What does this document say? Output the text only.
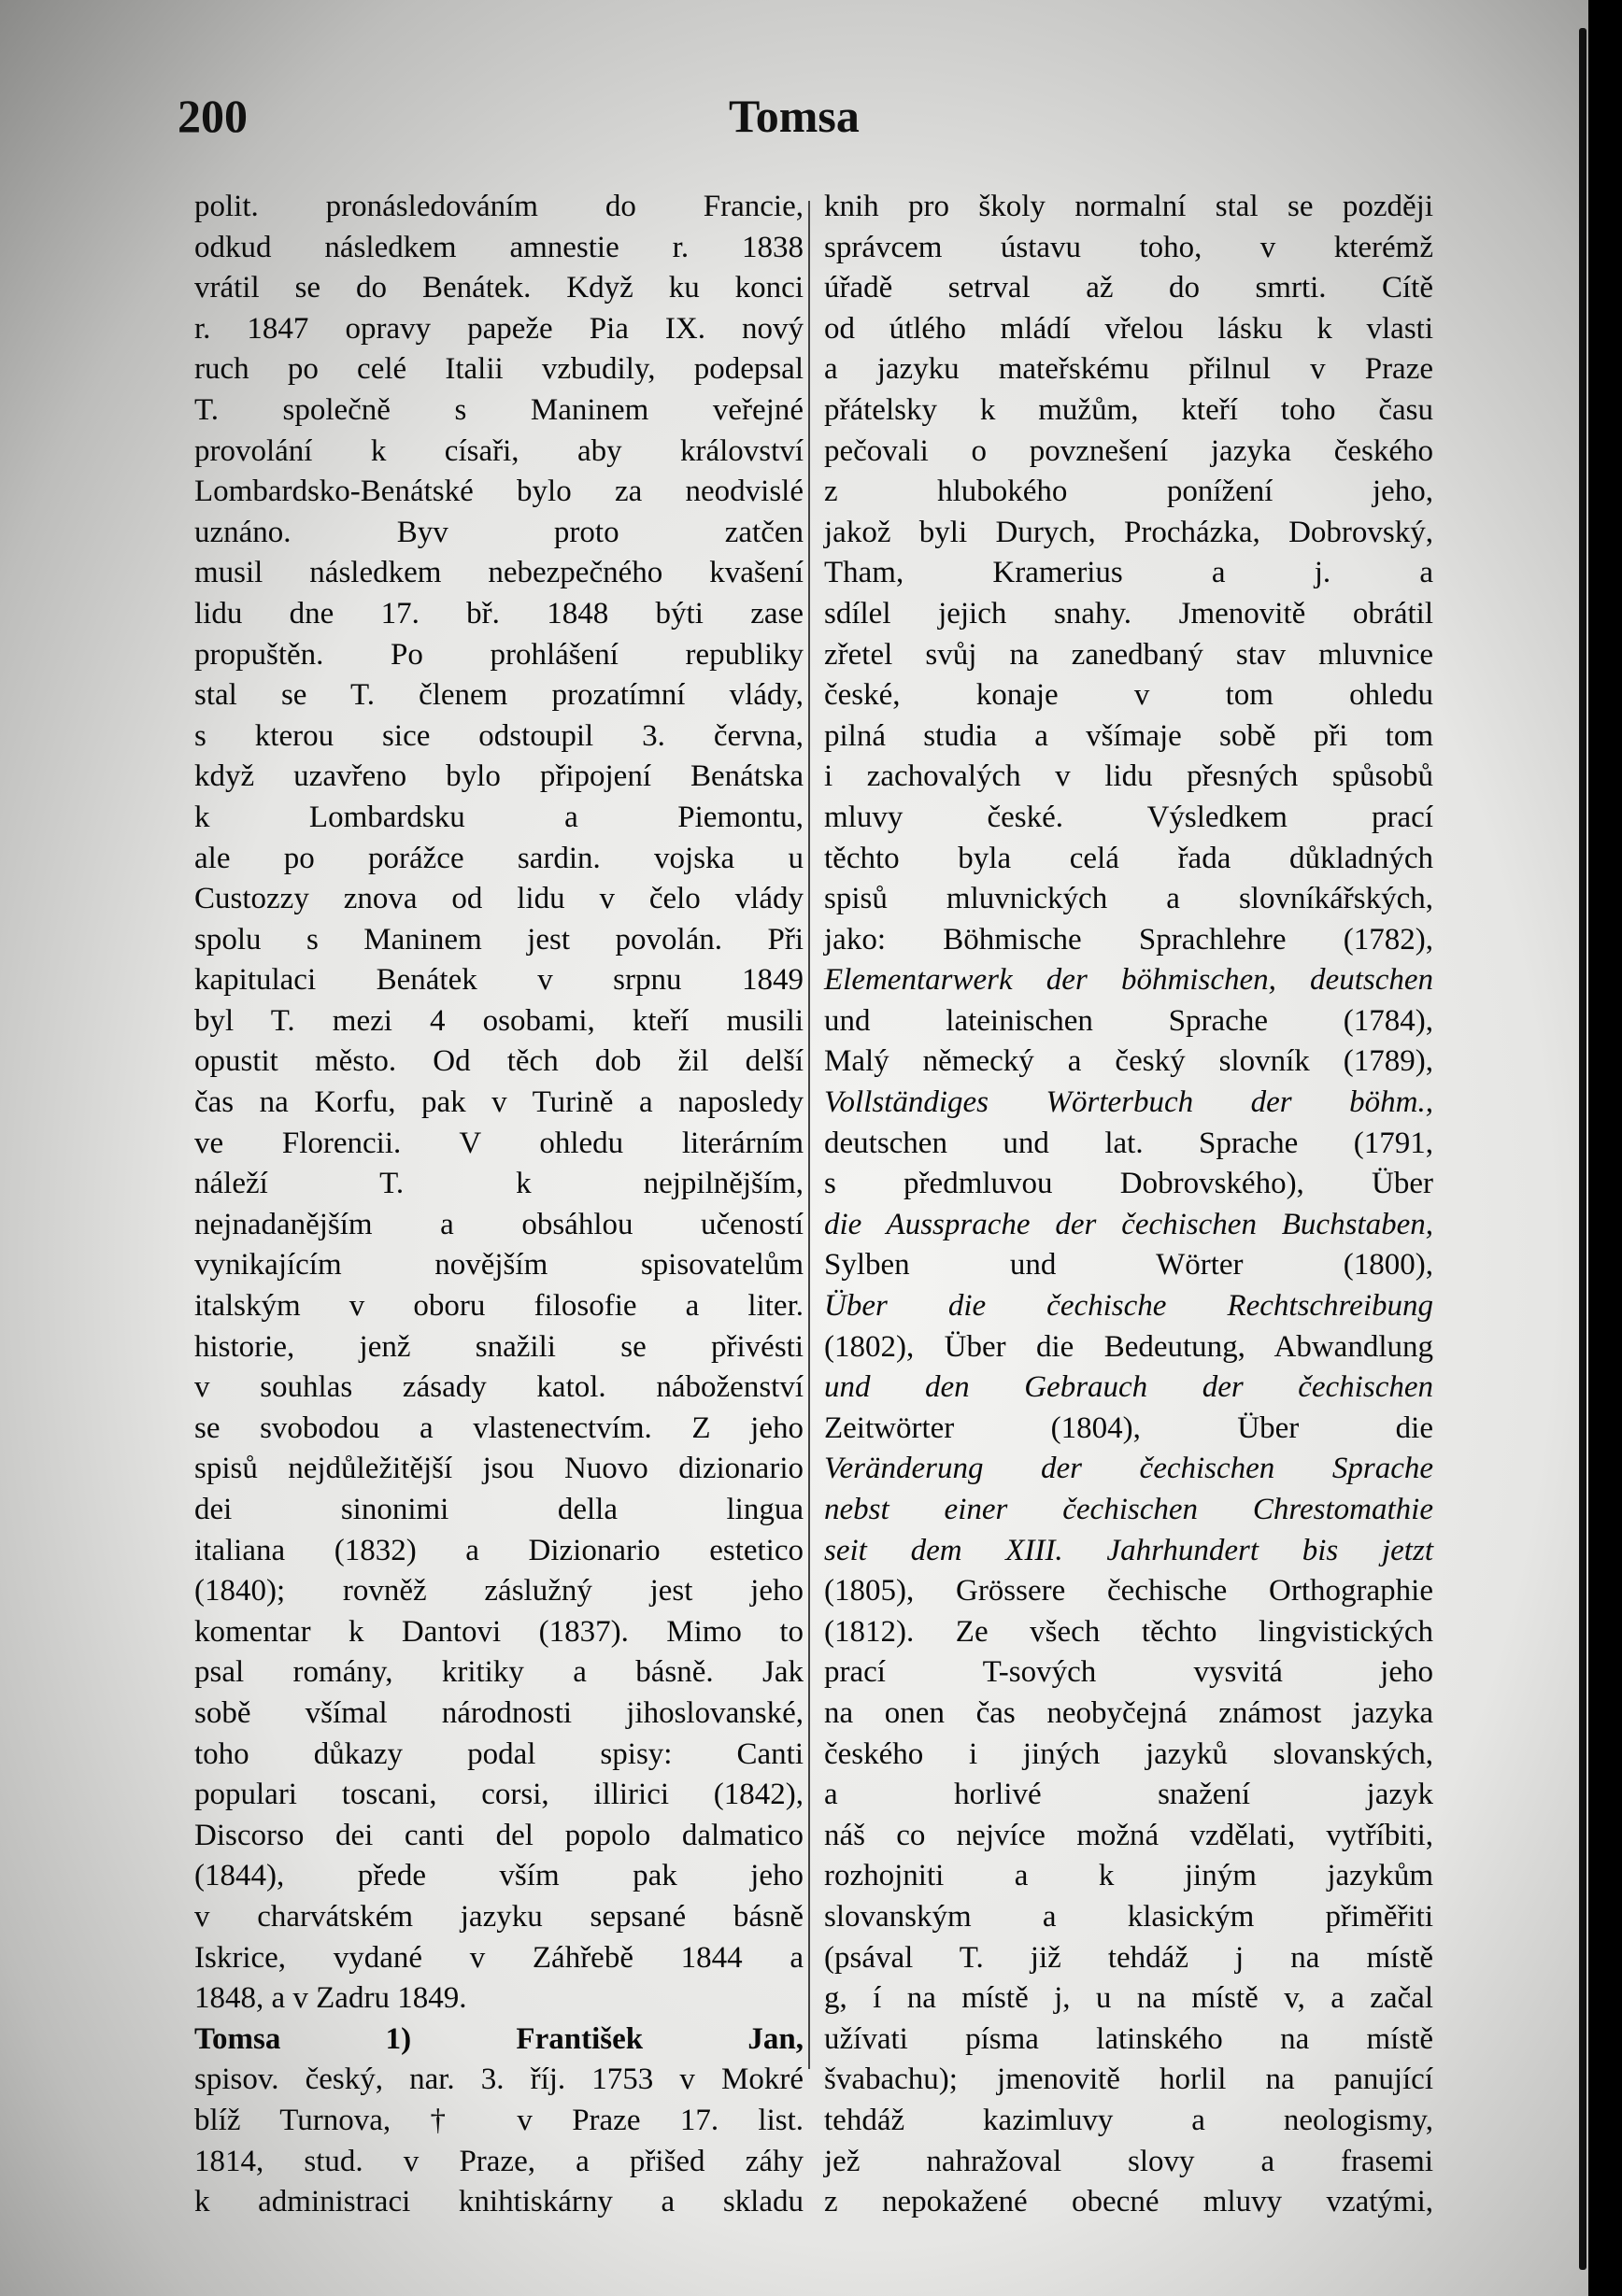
200	Tomsa
polit. pronásledováním do Francie,
odkud následkem amnestie r. 1838
vrátil se do Benátek. Když ku konci
r. 1847 opravy papeže Pia IX. nový
ruch po celé Italii vzbudily, podepsal
T. společně s Maninem veřejné
provolání k císaři, aby království
Lombardsko-Benátské bylo za neodvislé
uznáno. Byv proto zatčen
musil následkem nebezpečného kvašení
lidu dne 17. bř. 1848 býti zase
propuštěn. Po prohlášení republiky
stal se T. členem prozatímní vlády,
s kterou sice odstoupil 3. června,
když uzavřeno bylo připojení Benátska
k Lombardsku a Piemontu,
ale po porážce sardin. vojska u
Custozzy znova od lidu v čelo vlády
spolu s Maninem jest povolán. Při
kapitulaci Benátek v srpnu 1849
byl T. mezi 4 osobami, kteří musili
opustit město. Od těch dob žil delší
čas na Korfu, pak v Turině a naposledy
ve Florencii. V ohledu literárním
náleží T. k nejpilnějším,
nejnadanějším a obsáhlou učeností
vynikajícím novějším spisovatelům
italským v oboru filosofie a liter.
historie, jenž snažili se přivésti
v souhlas zásady katol. náboženství
se svobodou a vlastenectvím. Z jeho
spisů nejdůležitější jsou Nuovo dizionario
dei sinonimi della lingua
italiana (1832) a Dizionario estetico
(1840); rovněž záslužný jest jeho
komentar k Dantovi (1837). Mimo to
psal romány, kritiky a básně. Jak
sobě všímal národnosti jihoslovanské,
toho důkazy podal spisy: Canti
populari toscani, corsi, illirici (1842),
Discorso dei canti del popolo dalmatico
(1844), přede vším pak jeho
v charvátském jazyku sepsané básně
Iskrice, vydané v Záhřebě 1844 a
1848, a v Zadru 1849.
Tomsa 1) František Jan,
spisov. český, nar. 3. říj. 1753 v Mokré
blíž Turnova, † v Praze 17. list.
1814, stud. v Praze, a přišed záhy
k administraci knihtiskárny a skladu
knih pro školy normalní stal se později
správcem ústavu toho, v kterémž
úřadě setrval až do smrti. Cítě
od útlého mládí vřelou lásku k vlasti
a jazyku mateřskému přilnul v Praze
přátelsky k mužům, kteří toho času
pečovali o povznešení jazyka českého
z hlubokého ponížení jeho,
jakož byli Durych, Procházka, Dobrovský,
Tham, Kramerius a j. a
sdílel jejich snahy. Jmenovitě obrátil
zřetel svůj na zanedbaný stav mluvnice
české, konaje v tom ohledu
pilná studia a všímaje sobě při tom
i zachovalých v lidu přesných spůsobů
mluvy české. Výsledkem prací
těchto byla celá řada důkladných
spisů mluvnických a slovníkářských,
jako: Böhmische Sprachlehre (1782),
Elementarwerk der böhmischen, deutschen
und lateinischen Sprache (1784),
Malý německý a český slovník (1789),
Vollständiges Wörterbuch der böhm.,
deutschen und lat. Sprache (1791,
s předmluvou Dobrovského), Über
die Aussprache der čechischen Buchstaben,
Sylben und Wörter (1800),
Über die čechische Rechtschreibung
(1802), Über die Bedeutung, Abwandlung
und den Gebrauch der čechischen
Zeitwörter (1804), Über die
Veränderung der čechischen Sprache
nebst einer čechischen Chrestomathie
seit dem XIII. Jahrhundert bis jetzt
(1805), Grössere čechische Orthographie
(1812). Ze všech těchto lingvistických
prací T-sových vysvitá jeho
na onen čas neobyčejná známost jazyka
českého i jiných jazyků slovanských,
a horlivé snažení jazyk
náš co nejvíce možná vzdělati, vytříbiti,
rozhojniti a k jiným jazykům
slovanským a klasickým přiměřiti
(psával T. již tehdáž j na místě
g, í na místě j, u na místě v, a začal
užívati písma latinského na místě
švabachu); jmenovitě horlil na panující
tehdáž kazimluvy a neologismy,
jež nahražoval slovy a frasemi
z nepokažené obecné mluvy vzatými,
